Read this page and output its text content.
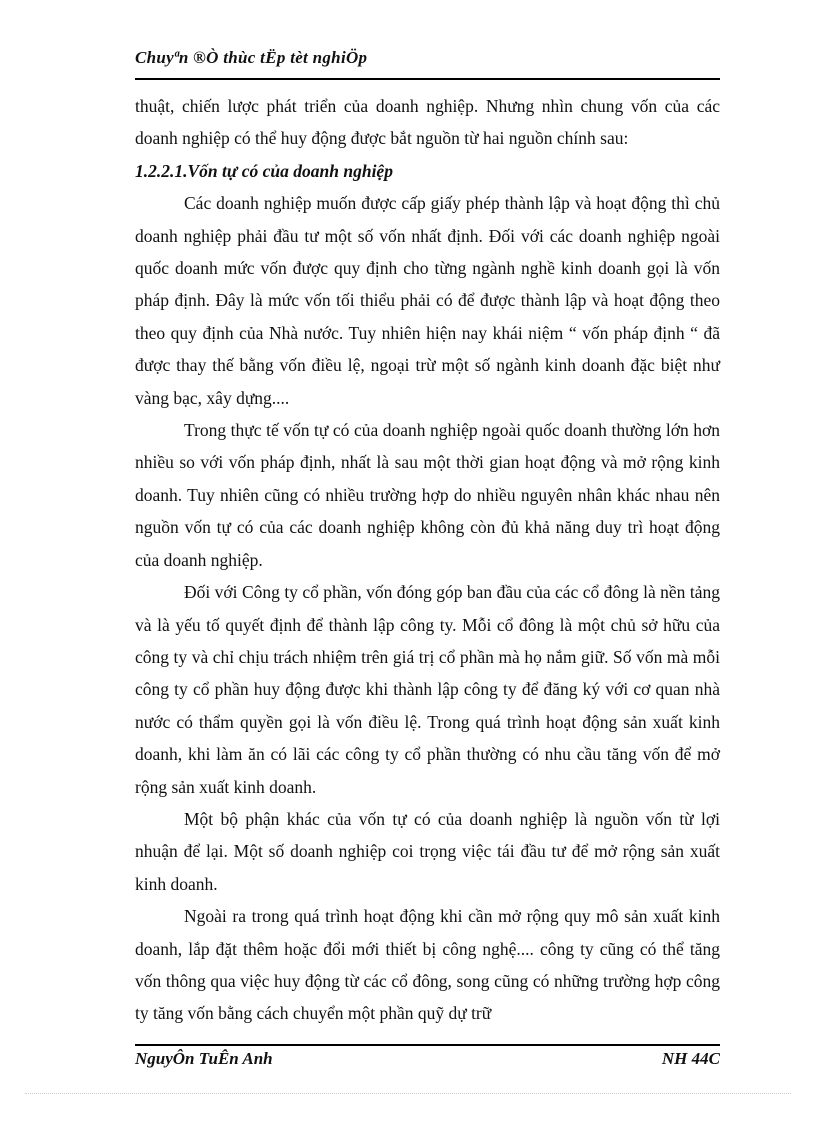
Chuyªn ®Ò thùc tËp tèt nghiÖp

thuật, chiến lược phát triển của doanh nghiệp. Nhưng nhìn chung vốn của các doanh nghiệp có thể huy động được bắt nguồn từ hai nguồn chính sau:

1.2.2.1.Vốn tự có của doanh nghiệp

Các doanh nghiệp muốn được cấp giấy phép thành lập và hoạt động thì chủ doanh nghiệp phải đầu tư một số vốn nhất định. Đối với các doanh nghiệp ngoài quốc doanh mức vốn được quy định cho từng ngành nghề kinh doanh gọi là vốn pháp định. Đây là mức vốn tối thiểu phải có để được thành lập và hoạt động theo theo quy định của Nhà nước. Tuy nhiên hiện nay khái niệm “ vốn pháp định “ đã được thay thế bằng vốn điều lệ, ngoại trừ một số ngành kinh doanh đặc biệt như vàng bạc, xây dựng....

Trong thực tế vốn tự có của doanh nghiệp ngoài quốc doanh thường lớn hơn nhiều so với vốn pháp định, nhất là sau một thời gian hoạt động và mở rộng kinh doanh. Tuy nhiên cũng có nhiều trường hợp do nhiều nguyên nhân khác nhau nên nguồn vốn tự có của các doanh nghiệp không còn đủ khả năng duy trì hoạt động của doanh nghiệp.

Đối với Công ty cổ phần, vốn đóng góp ban đầu của các cổ đông là nền tảng và là yếu tố quyết định để thành lập công ty. Mỗi cổ đông là một chủ sở hữu của công ty và chỉ chịu trách nhiệm trên giá trị cổ phần mà họ nắm giữ. Số vốn mà mỗi công ty cổ phần huy động được khi thành lập công ty để đăng ký với cơ quan nhà nước có thẩm quyền gọi là vốn điều lệ. Trong quá trình hoạt động sản xuất kinh doanh, khi làm ăn có lãi các công ty cổ phần thường có nhu cầu tăng vốn để mở rộng sản xuất kinh doanh.

Một bộ phận khác của vốn tự có của doanh nghiệp là nguồn vốn từ lợi nhuận để lại. Một số doanh nghiệp coi trọng việc tái đầu tư để mở rộng sản xuất kinh doanh.

Ngoài ra trong quá trình hoạt động khi cần mở rộng quy mô sản xuất kinh doanh, lắp đặt thêm hoặc đổi mới thiết bị công nghệ.... công ty cũng có thể tăng vốn thông qua việc huy động từ các cổ đông, song cũng có những trường hợp công ty tăng vốn bằng cách chuyển một phần quỹ dự trữ

NguyÔn TuÊn Anh	NH 44C
